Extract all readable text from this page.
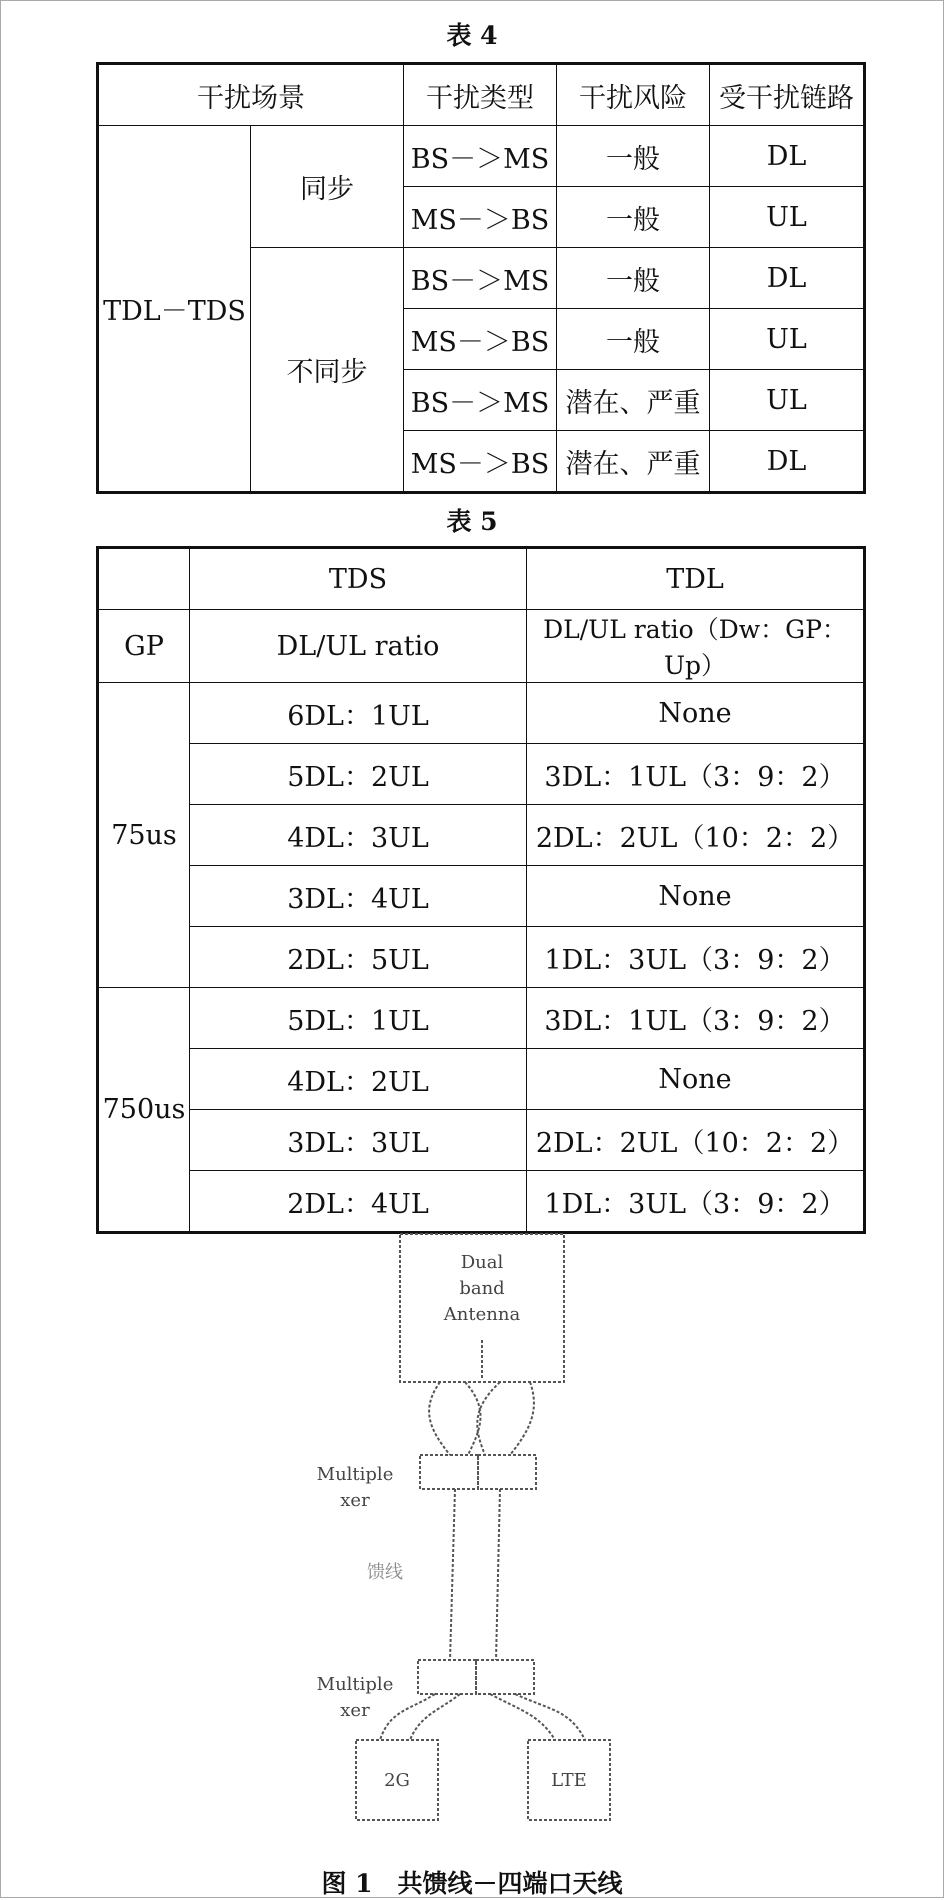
表 4
干扰场景		干扰类型	干扰风险	受干扰链路
TDL－TDS	同步	BS－＞MS	一般	DL
		MS－＞BS	一般	UL
	不同步	BS－＞MS	一般	DL
		MS－＞BS	一般	UL
		BS－＞MS	潜在、严重	UL
		MS－＞BS	潜在、严重	DL
表 5
	TDS	TDL
GP	DL/UL ratio	DL/UL ratio（Dw：GP：Up）
75us	6DL：1UL	None
	5DL：2UL	3DL：1UL（3：9：2）
	4DL：3UL	2DL：2UL（10：2：2）
	3DL：4UL	None
	2DL：5UL	1DL：3UL（3：9：2）
750us	5DL：1UL	3DL：1UL（3：9：2）
	4DL：2UL	None
	3DL：3UL	2DL：2UL（10：2：2）
	2DL：4UL	1DL：3UL（3：9：2）
Dual
band
Antenna
Multiple
xer
馈线
Multiple
xer
2G	LTE
图 1　共馈线－四端口天线
